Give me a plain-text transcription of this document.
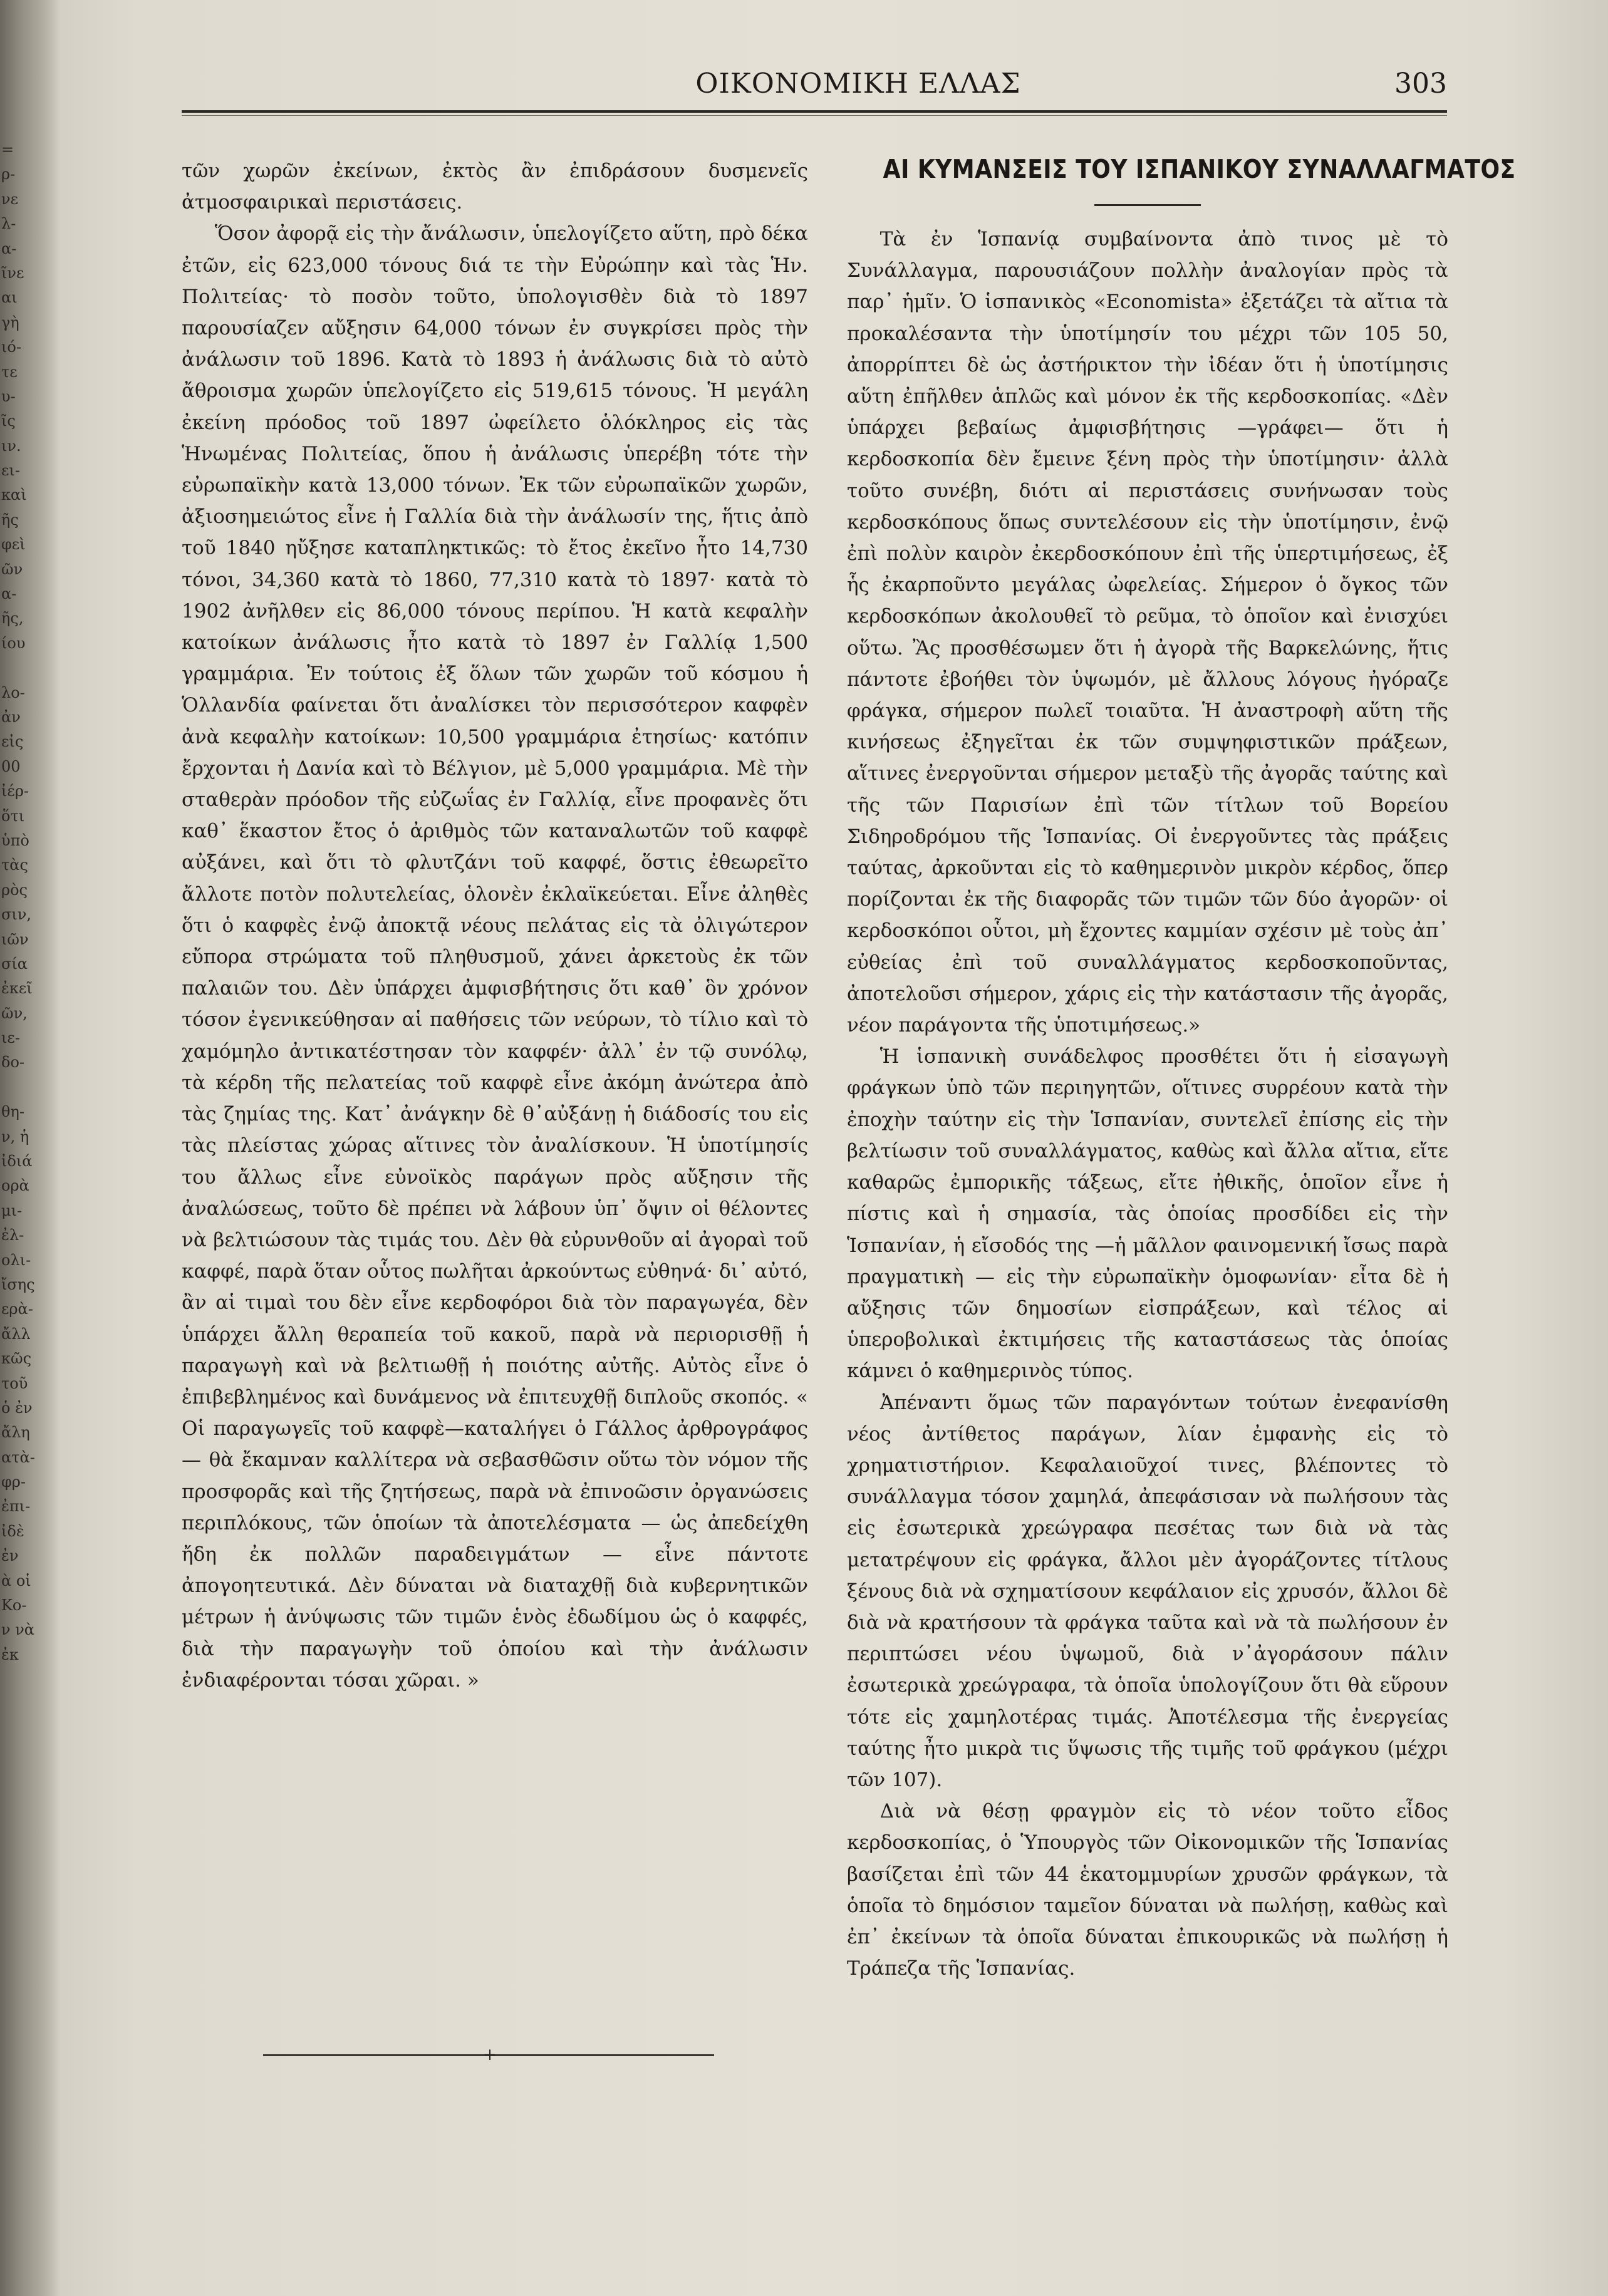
=
ρ-
νε
λ-
α-
ῖνε
αι
γὴ
ιό-
τε
υ-
ῖς
ιν.
ει-
καὶ
ῆς
φεὶ
ῶν
α-
ῆς,
ίου
λο-
ἀν
εἰς
00
ἰέρ-
ὅτι
ὑπὸ
τὰς
ρὸς
σιν,
ιῶν
σία
ἐκεῖ
ῶν,
ιε-
δο-
θη-
ν, ἡ
ἰδιά
ορὰ
μι-
ἐλ-
ολι-
ἴσης
ερὰ-
ἄλλ
κῶς
τοῦ
ὁ ἐν
ἄλη
ατὰ-
φρ-
ἐπι-
ἰδὲ
ἐν
ὰ οἱ
Κο-
ν νὰ
ἐκ
ΟΙΚΟΝΟΜΙΚΗ ΕΛΛΑΣ	303

τῶν χωρῶν ἐκείνων, ἐκτὸς ἂν ἐπιδράσουν δυσμενεῖς ἀτμοσφαιρικαὶ περιστάσεις.

Ὅσον ἀφορᾷ εἰς τὴν ἄνάλωσιν, ὑπελογίζετο αὕτη, πρὸ δέκα ἐτῶν, εἰς 623,000 τόνους διά τε τὴν Εὐρώπην καὶ τὰς Ἡν. Πολιτείας· τὸ ποσὸν τοῦτο, ὑπολογισθὲν διὰ τὸ 1897 παρουσίαζεν αὔξησιν 64,000 τόνων ἐν συγκρίσει πρὸς τὴν ἀνάλωσιν τοῦ 1896. Κατὰ τὸ 1893 ἡ ἀνάλωσις διὰ τὸ αὐτὸ ἄθροισμα χωρῶν ὑπελογίζετο εἰς 519,615 τόνους. Ἡ μεγάλη ἐκείνη πρόοδος τοῦ 1897 ὠφείλετο ὁλόκληρος εἰς τὰς Ἡνωμένας Πολιτείας, ὅπου ἡ ἀνάλωσις ὑπερέβη τότε τὴν εὐρωπαϊκὴν κατὰ 13,000 τόνων. Ἐκ τῶν εὐρωπαϊκῶν χωρῶν, ἀξιοσημειώτος εἶνε ἡ Γαλλία διὰ τὴν ἀνάλωσίν της, ἥτις ἀπὸ τοῦ 1840 ηὔξησε καταπληκτικῶς: τὸ ἔτος ἐκεῖνο ἦτο 14,730 τόνοι, 34,360 κατὰ τὸ 1860, 77,310 κατὰ τὸ 1897· κατὰ τὸ 1902 ἀνῆλθεν εἰς 86,000 τόνους περίπου. Ἡ κατὰ κεφαλὴν κατοίκων ἀνάλωσις ἦτο κατὰ τὸ 1897 ἐν Γαλλίᾳ 1,500 γραμμάρια. Ἐν τούτοις ἐξ ὅλων τῶν χωρῶν τοῦ κόσμου ἡ Ὁλλανδία φαίνεται ὅτι ἀναλίσκει τὸν περισσότερον καφφὲν ἀνὰ κεφαλὴν κατοίκων: 10,500 γραμμάρια ἐτησίως· κατόπιν ἔρχονται ἡ Δανία καὶ τὸ Βέλγιον, μὲ 5,000 γραμμάρια. Μὲ τὴν σταθερὰν πρόοδον τῆς εὐζωΐας ἐν Γαλλίᾳ, εἶνε προφανὲς ὅτι καθ᾽ ἕκαστον ἔτος ὁ ἀριθμὸς τῶν καταναλωτῶν τοῦ καφφὲ αὐξάνει, καὶ ὅτι τὸ φλυτζάνι τοῦ καφφέ, ὅστις ἐθεωρεῖτο ἄλλοτε ποτὸν πολυτελείας, ὁλονὲν ἐκλαϊκεύεται. Εἶνε ἀληθὲς ὅτι ὁ καφφὲς ἐνῷ ἀποκτᾷ νέους πελάτας εἰς τὰ ὀλιγώτερον εὔπορα στρώματα τοῦ πληθυσμοῦ, χάνει ἀρκετοὺς ἐκ τῶν παλαιῶν του. Δὲν ὑπάρχει ἀμφισβήτησις ὅτι καθ᾽ ὃν χρόνον τόσον ἐγενικεύθησαν αἱ παθήσεις τῶν νεύρων, τὸ τίλιο καὶ τὸ χαμόμηλο ἀντικατέστησαν τὸν καφφέν· ἀλλ᾽ ἐν τῷ συνόλῳ, τὰ κέρδη τῆς πελατείας τοῦ καφφὲ εἶνε ἀκόμη ἀνώτερα ἀπὸ τὰς ζημίας της. Κατ᾽ ἀνάγκην δὲ θ᾽αὐξάνῃ ἡ διάδοσίς του εἰς τὰς πλείστας χώρας αἵτινες τὸν ἀναλίσκουν. Ἡ ὑποτίμησίς του ἄλλως εἶνε εὐνοϊκὸς παράγων πρὸς αὔξησιν τῆς ἀναλώσεως, τοῦτο δὲ πρέπει νὰ λάβουν ὑπ᾽ ὄψιν οἱ θέλοντες νὰ βελτιώσουν τὰς τιμάς του. Δὲν θὰ εὐρυνθοῦν αἱ ἀγοραὶ τοῦ καφφέ, παρὰ ὅταν οὗτος πωλῆται ἀρκούντως εὐθηνά· δι᾽ αὐτό, ἂν αἱ τιμαὶ του δὲν εἶνε κερδοφόροι διὰ τὸν παραγωγέα, δὲν ὑπάρχει ἄλλη θεραπεία τοῦ κακοῦ, παρὰ νὰ περιορισθῇ ἡ παραγωγὴ καὶ νὰ βελτιωθῇ ἡ ποιότης αὐτῆς. Αὐτὸς εἶνε ὁ ἐπιβεβλημένος καὶ δυνάμενος νὰ ἐπιτευχθῇ διπλοῦς σκοπός. « Οἱ παραγωγεῖς τοῦ καφφὲ—καταλήγει ὁ Γάλλος ἀρθρογράφος — θὰ ἔκαμναν καλλίτερα νὰ σεβασθῶσιν οὕτω τὸν νόμον τῆς προσφορᾶς καὶ τῆς ζητήσεως, παρὰ νὰ ἐπινοῶσιν ὀργανώσεις περιπλόκους, τῶν ὁποίων τὰ ἀποτελέσματα — ὡς ἀπεδείχθη ἤδη ἐκ πολλῶν παραδειγμάτων — εἶνε πάντοτε ἀπογοητευτικά. Δὲν δύναται νὰ διαταχθῇ διὰ κυβερνητικῶν μέτρων ἡ ἀνύψωσις τῶν τιμῶν ἑνὸς ἐδωδίμου ὡς ὁ καφφές, διὰ τὴν παραγωγὴν τοῦ ὁποίου καὶ τὴν ἀνάλωσιν ἐνδιαφέρονται τόσαι χῶραι. »

+
ΑΙ ΚΥΜΑΝΣΕΙΣ ΤΟΥ ΙΣΠΑΝΙΚΟΥ ΣΥΝΑΛΛΑΓΜΑΤΟΣ

Τὰ ἐν Ἱσπανίᾳ συμβαίνοντα ἀπὸ τινος μὲ τὸ Συνάλλαγμα, παρουσιάζουν πολλὴν ἀναλογίαν πρὸς τὰ παρ᾽ ἡμῖν. Ὁ ἱσπανικὸς «Economista» ἐξετάζει τὰ αἴτια τὰ προκαλέσαντα τὴν ὑποτίμησίν του μέχρι τῶν 105 50, ἀπορρίπτει δὲ ὡς ἀστήρικτον τὴν ἰδέαν ὅτι ἡ ὑποτίμησις αὕτη ἐπῆλθεν ἁπλῶς καὶ μόνον ἐκ τῆς κερδοσκοπίας. «Δὲν ὑπάρχει βεβαίως ἀμφισβήτησις —γράφει— ὅτι ἡ κερδοσκοπία δὲν ἔμεινε ξένη πρὸς τὴν ὑποτίμησιν· ἀλλὰ τοῦτο συνέβη, διότι αἱ περιστάσεις συνήνωσαν τοὺς κερδοσκόπους ὅπως συντελέσουν εἰς τὴν ὑποτίμησιν, ἐνῷ ἐπὶ πολὺν καιρὸν ἐκερδοσκόπουν ἐπὶ τῆς ὑπερτιμήσεως, ἐξ ἧς ἐκαρποῦντο μεγάλας ὠφελείας. Σήμερον ὁ ὄγκος τῶν κερδοσκόπων ἀκολουθεῖ τὸ ρεῦμα, τὸ ὁποῖον καὶ ἐνισχύει οὕτω. Ἂς προσθέσωμεν ὅτι ἡ ἀγορὰ τῆς Βαρκελώνης, ἥτις πάντοτε ἐβοήθει τὸν ὑψωμόν, μὲ ἄλλους λόγους ἠγόραζε φράγκα, σήμερον πωλεῖ τοιαῦτα. Ἡ ἀναστροφὴ αὕτη τῆς κινήσεως ἐξηγεῖται ἐκ τῶν συμψηφιστικῶν πράξεων, αἵτινες ἐνεργοῦνται σήμερον μεταξὺ τῆς ἀγορᾶς ταύτης καὶ τῆς τῶν Παρισίων ἐπὶ τῶν τίτλων τοῦ Βορείου Σιδηροδρόμου τῆς Ἱσπανίας. Οἱ ἐνεργοῦντες τὰς πράξεις ταύτας, ἀρκοῦνται εἰς τὸ καθημερινὸν μικρὸν κέρδος, ὅπερ πορίζονται ἐκ τῆς διαφορᾶς τῶν τιμῶν τῶν δύο ἀγορῶν· οἱ κερδοσκόποι οὗτοι, μὴ ἔχοντες καμμίαν σχέσιν μὲ τοὺς ἀπ᾽ εὐθείας ἐπὶ τοῦ συναλλάγματος κερδοσκοποῦντας, ἀποτελοῦσι σήμερον, χάρις εἰς τὴν κατάστασιν τῆς ἀγορᾶς, νέον παράγοντα τῆς ὑποτιμήσεως.»

Ἡ ἱσπανικὴ συνάδελφος προσθέτει ὅτι ἡ εἰσαγωγὴ φράγκων ὑπὸ τῶν περιηγητῶν, οἵτινες συρρέουν κατὰ τὴν ἐποχὴν ταύτην εἰς τὴν Ἱσπανίαν, συντελεῖ ἐπίσης εἰς τὴν βελτίωσιν τοῦ συναλλάγματος, καθὼς καὶ ἄλλα αἴτια, εἴτε καθαρῶς ἐμπορικῆς τάξεως, εἴτε ἠθικῆς, ὁποῖον εἶνε ἡ πίστις καὶ ἡ σημασία, τὰς ὁποίας προσδίδει εἰς τὴν Ἱσπανίαν, ἡ εἴσοδός της —ἡ μᾶλλον φαινομενική ἴσως παρὰ πραγματικὴ — εἰς τὴν εὐρωπαϊκὴν ὁμοφωνίαν· εἶτα δὲ ἡ αὔξησις τῶν δημοσίων εἰσπράξεων, καὶ τέλος αἱ ὑπεροβολικαὶ ἐκτιμήσεις τῆς καταστάσεως τὰς ὁποίας κάμνει ὁ καθημερινὸς τύπος.

Ἀπέναντι ὅμως τῶν παραγόντων τούτων ἐνεφανίσθη νέος ἀντίθετος παράγων, λίαν ἐμφανὴς εἰς τὸ χρηματιστήριον. Κεφαλαιοῦχοί τινες, βλέποντες τὸ συνάλλαγμα τόσον χαμηλά, ἀπεφάσισαν νὰ πωλήσουν τὰς εἰς ἐσωτερικὰ χρεώγραφα πεσέτας των διὰ νὰ τὰς μετατρέψουν εἰς φράγκα, ἄλλοι μὲν ἀγοράζοντες τίτλους ξένους διὰ νὰ σχηματίσουν κεφάλαιον εἰς χρυσόν, ἄλλοι δὲ διὰ νὰ κρατήσουν τὰ φράγκα ταῦτα καὶ νὰ τὰ πωλήσουν ἐν περιπτώσει νέου ὑψωμοῦ, διὰ ν᾽ἀγοράσουν πάλιν ἐσωτερικὰ χρεώγραφα, τὰ ὁποῖα ὑπολογίζουν ὅτι θὰ εὕρουν τότε εἰς χαμηλοτέρας τιμάς. Ἀποτέλεσμα τῆς ἐνεργείας ταύτης ἦτο μικρὰ τις ὕψωσις τῆς τιμῆς τοῦ φράγκου (μέχρι τῶν 107).

Διὰ νὰ θέσῃ φραγμὸν εἰς τὸ νέον τοῦτο εἶδος κερδοσκοπίας, ὁ Ὑπουργὸς τῶν Οἰκονομικῶν τῆς Ἱσπανίας βασίζεται ἐπὶ τῶν 44 ἑκατομμυρίων χρυσῶν φράγκων, τὰ ὁποῖα τὸ δημόσιον ταμεῖον δύναται νὰ πωλήσῃ, καθὼς καὶ ἐπ᾽ ἐκείνων τὰ ὁποῖα δύναται ἐπικουρικῶς νὰ πωλήσῃ ἡ Τράπεζα τῆς Ἱσπανίας.
